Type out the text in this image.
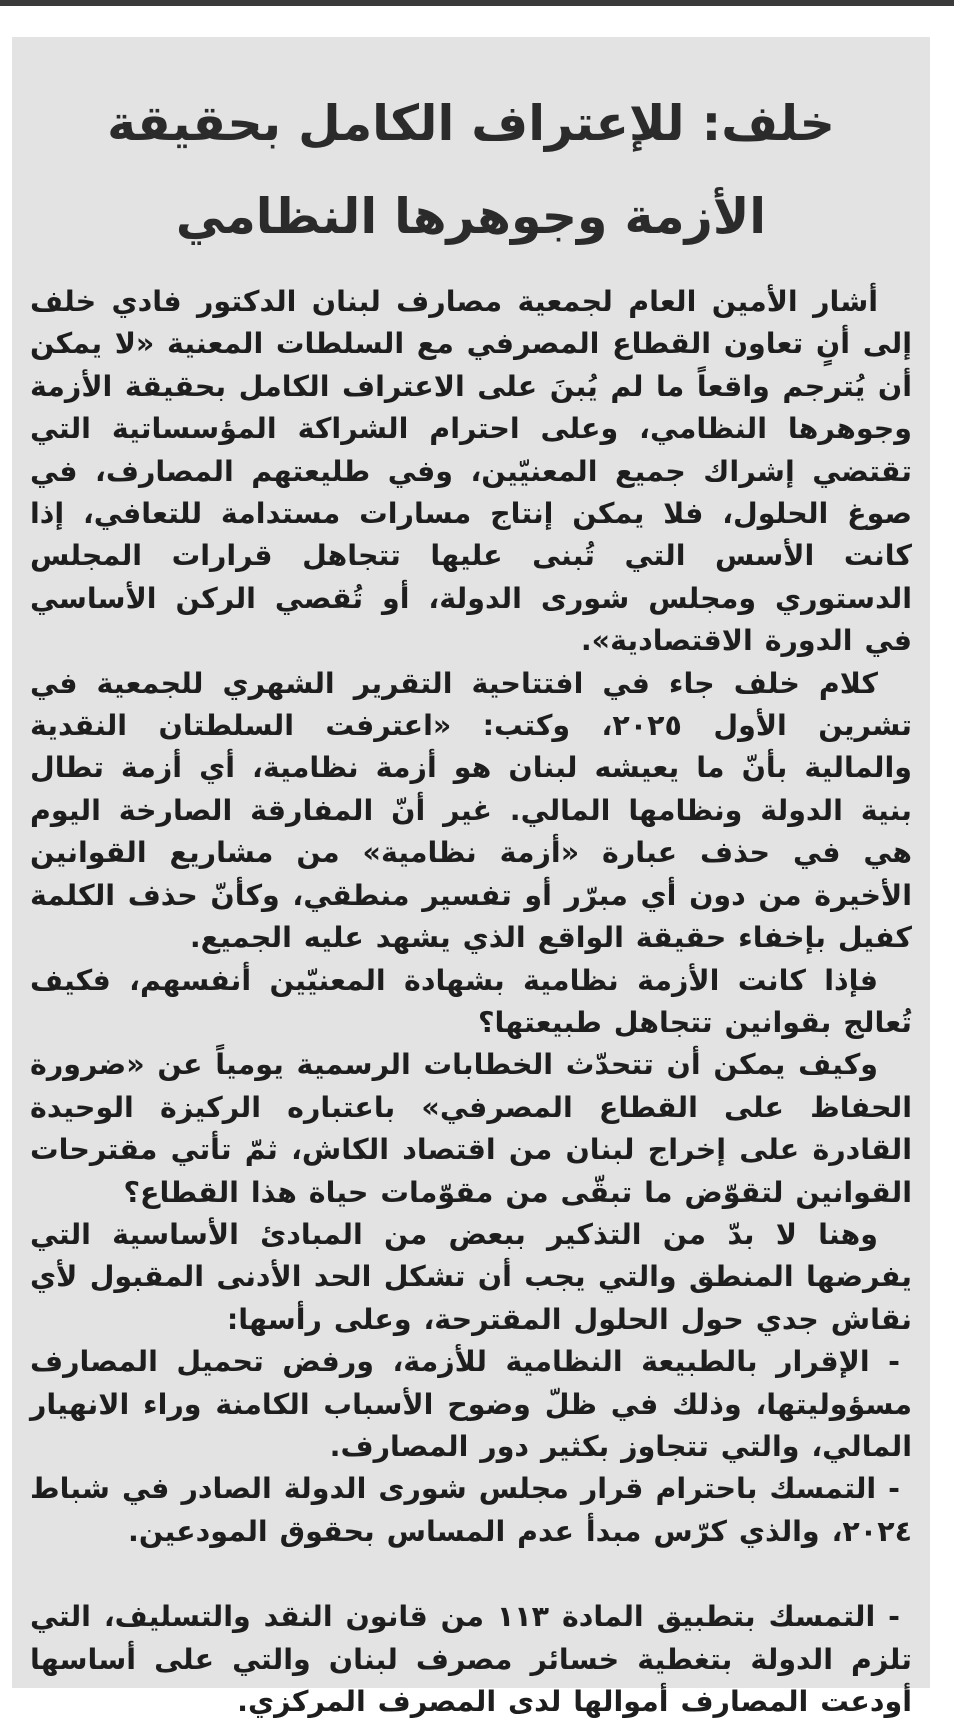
خلف: للإعتراف الكامل بحقيقة
الأزمة وجوهرها النظامي

أشار الأمين العام لجمعية مصارف لبنان الدكتور فادي خلف إلى أنٍ تعاون القطاع المصرفي مع السلطات المعنية «لا يمكن أن يُترجم واقعاً ما لم يُبنَ على الاعتراف الكامل بحقيقة الأزمة وجوهرها النظامي، وعلى احترام الشراكة المؤسساتية التي تقتضي إشراك جميع المعنيّين، وفي طليعتهم المصارف، في صوغ الحلول، فلا يمكن إنتاج مسارات مستدامة للتعافي، إذا كانت الأسس التي تُبنى عليها تتجاهل قرارات المجلس الدستوري ومجلس شورى الدولة، أو تُقصي الركن الأساسي في الدورة الاقتصادية».

كلام خلف جاء في افتتاحية التقرير الشهري للجمعية في تشرين الأول ٢٠٢٥، وكتب: «اعترفت السلطتان النقدية والمالية بأنّ ما يعيشه لبنان هو أزمة نظامية، أي أزمة تطال بنية الدولة ونظامها المالي. غير أنّ المفارقة الصارخة اليوم هي في حذف عبارة «أزمة نظامية» من مشاريع القوانين الأخيرة من دون أي مبرّر أو تفسير منطقي، وكأنّ حذف الكلمة كفيل بإخفاء حقيقة الواقع الذي يشهد عليه الجميع.

فإذا كانت الأزمة نظامية بشهادة المعنيّين أنفسهم، فكيف تُعالج بقوانين تتجاهل طبيعتها؟

وكيف يمكن أن تتحدّث الخطابات الرسمية يومياً عن «ضرورة الحفاظ على القطاع المصرفي» باعتباره الركيزة الوحيدة القادرة على إخراج لبنان من اقتصاد الكاش، ثمّ تأتي مقترحات القوانين لتقوّض ما تبقّى من مقوّمات حياة هذا القطاع؟

وهنا لا بدّ من التذكير ببعض من المبادئ الأساسية التي يفرضها المنطق والتي يجب أن تشكل الحد الأدنى المقبول لأي نقاش جدي حول الحلول المقترحة، وعلى رأسها:

- الإقرار بالطبيعة النظامية للأزمة، ورفض تحميل المصارف مسؤوليتها، وذلك في ظلّ وضوح الأسباب الكامنة وراء الانهيار المالي، والتي تتجاوز بكثير دور المصارف.

- التمسك باحترام قرار مجلس شورى الدولة الصادر في شباط ٢٠٢٤، والذي كرّس مبدأ عدم المساس بحقوق المودعين.

- التمسك بتطبيق المادة ١١٣ من قانون النقد والتسليف، التي تلزم الدولة بتغطية خسائر مصرف لبنان والتي على أساسها أودعت المصارف أموالها لدى المصرف المركزي.
